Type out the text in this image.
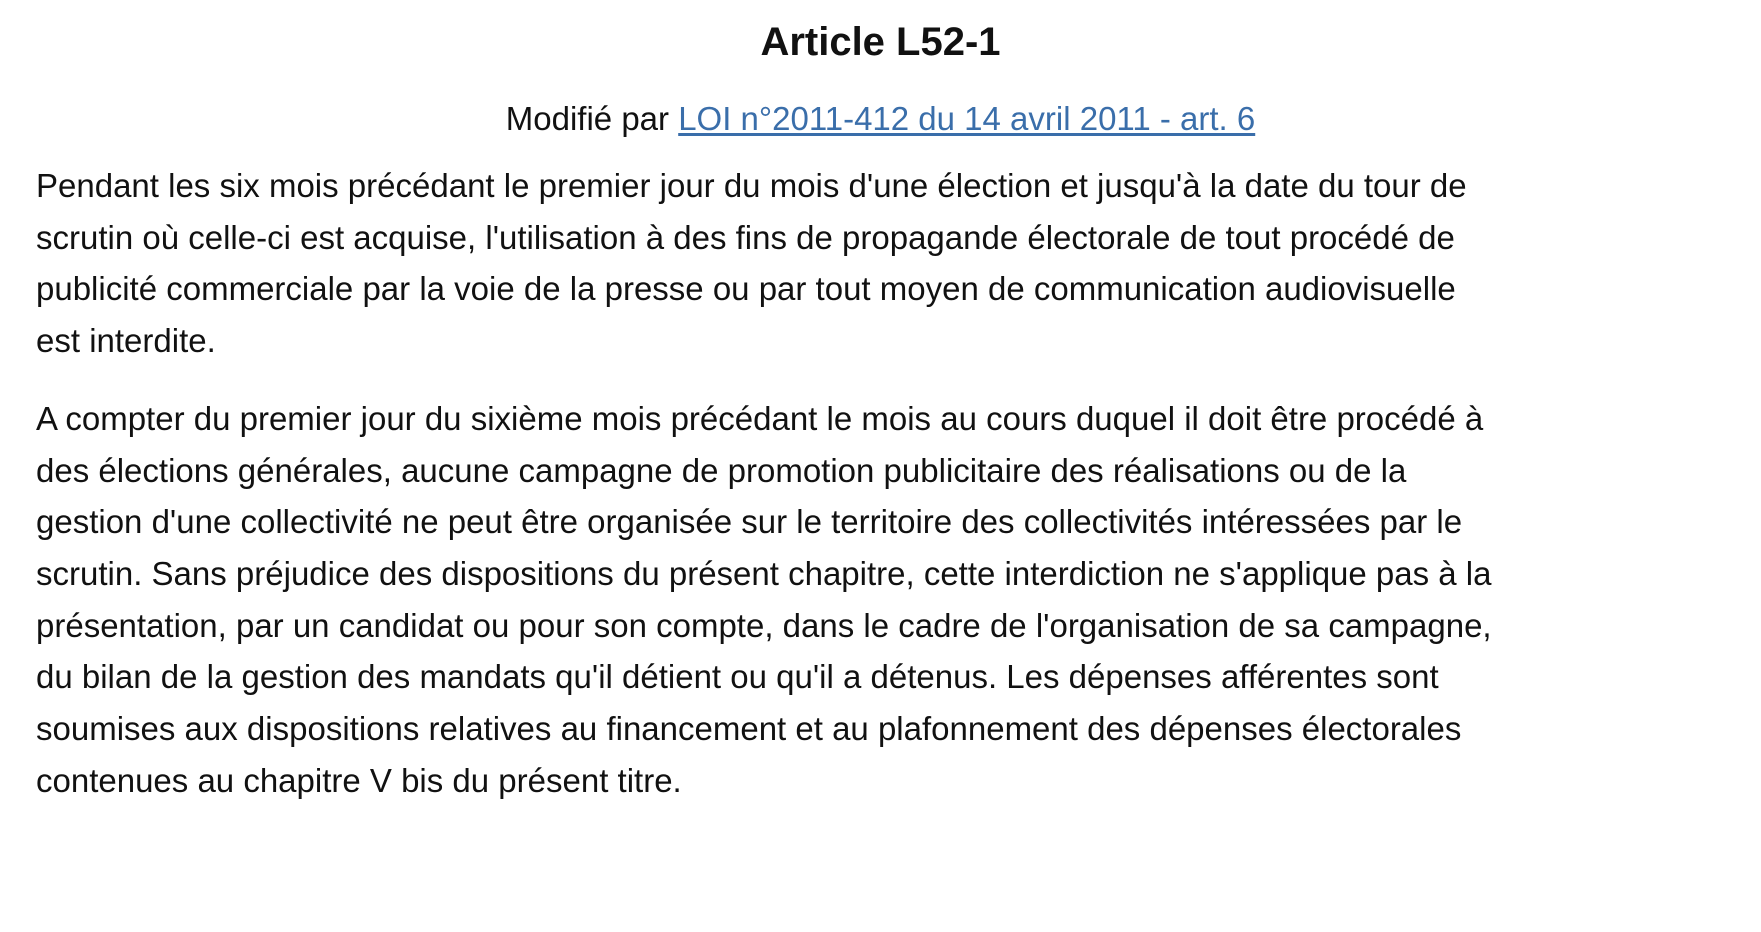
Article L52-1

Modifié par LOI n°2011-412 du 14 avril 2011 - art. 6

Pendant les six mois précédant le premier jour du mois d'une élection et jusqu'à la date du tour de
scrutin où celle-ci est acquise, l'utilisation à des fins de propagande électorale de tout procédé de
publicité commerciale par la voie de la presse ou par tout moyen de communication audiovisuelle
est interdite.

A compter du premier jour du sixième mois précédant le mois au cours duquel il doit être procédé à
des élections générales, aucune campagne de promotion publicitaire des réalisations ou de la
gestion d'une collectivité ne peut être organisée sur le territoire des collectivités intéressées par le
scrutin. Sans préjudice des dispositions du présent chapitre, cette interdiction ne s'applique pas à la
présentation, par un candidat ou pour son compte, dans le cadre de l'organisation de sa campagne,
du bilan de la gestion des mandats qu'il détient ou qu'il a détenus. Les dépenses afférentes sont
soumises aux dispositions relatives au financement et au plafonnement des dépenses électorales
contenues au chapitre V bis du présent titre.
